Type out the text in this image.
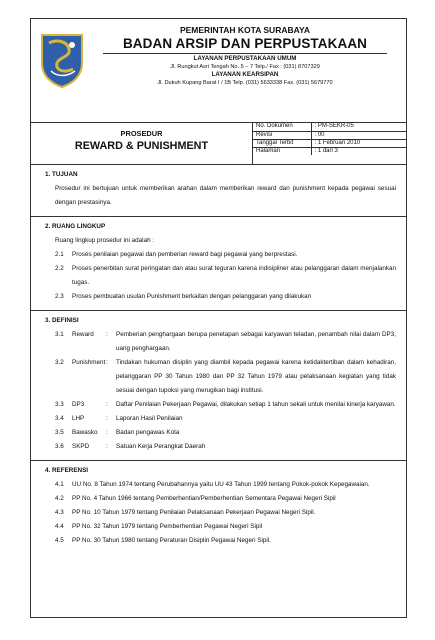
PEMERINTAH KOTA SURABAYA
BADAN ARSIP DAN PERPUSTAKAAN
LAYANAN PERPUSTAKAAN UMUM
Jl. Rungkut Asri Tengah No. 5 – 7 Telp./ Fax : (031) 8707329
LAYANAN KEARSIPAN
Jl. Dukuh Kupang Barat I / 1B Telp. (031) 5633338 Fax. (031) 5679770
PROSEDUR
REWARD & PUNISHMENT
No. Dokumen	: PM-SEKR-05
Revisi	: 00
Tanggal Terbit	: 1 Februari 2010
Halaman	: 1 dari 3
1. TUJUAN
Prosedur ini bertujuan untuk memberikan arahan dalam memberikan reward dan punishment kepada pegawai sesuai dengan prestasinya.
2. RUANG LINGKUP
Ruang lingkup prosedur ini adalah :
2.1	Proses penilaian pegawai dan pemberian reward bagi pegawai yang berprestasi.
2.2	Proses penerbitan surat peringatan dan atau surat teguran karena indisipliner atau pelanggaran dalam menjalankan tugas.
2.3	Proses pembuatan usulan Punishment berkaitan dengan pelanggaran yang dilakukan
3. DEFINISI
3.1	Reward	:	Pemberian penghargaan berupa penetapan sebagai karyawan teladan, penambah nilai dalam DP3, uang penghargaan.
3.2	Punishment :	Tindakan hukuman disiplin yang diambil kepada pegawai karena ketidaktertiban dalam kehadiran, pelanggaran PP 30 Tahun 1980 dan PP 32 Tahun 1979 atau pelaksanaan kegiatan yang tidak sesuai dengan tupoksi yang merugikan bagi institusi.
3.3	DP3	:	Daftar Penilaian Pekerjaan Pegawai, dilakukan setiap 1 tahun sekali untuk menilai kinerja karyawan.
3.4	LHP	:	Laporan Hasil Penilaian
3.5	Bawasko	:	Badan pengawas Kota
3.6	SKPD	:	Satuan Kerja Perangkat Daerah
4. REFERENSI
4.1	UU No. 8 Tahun 1974 tentang Perubahannya yaitu UU 43 Tahun 1999 tentang Pokok-pokok Kepegawaian.
4.2	PP No. 4 Tahun 1966 tentang Pemberhentian/Pemberhentian Sementara Pegawai Negeri Sipil
4.3	PP No. 10 Tahun 1979 tentang Penilaian Pelaksanaan Pekerjaan Pegawai Negeri Sipil.
4.4	PP No. 32 Tahun 1979 tentang Pemberhentian Pegawai Negeri Sipil
4.5	PP No. 30 Tahun 1980 tentang Peraturan Disiplin Pegawai Negeri Sipil.
